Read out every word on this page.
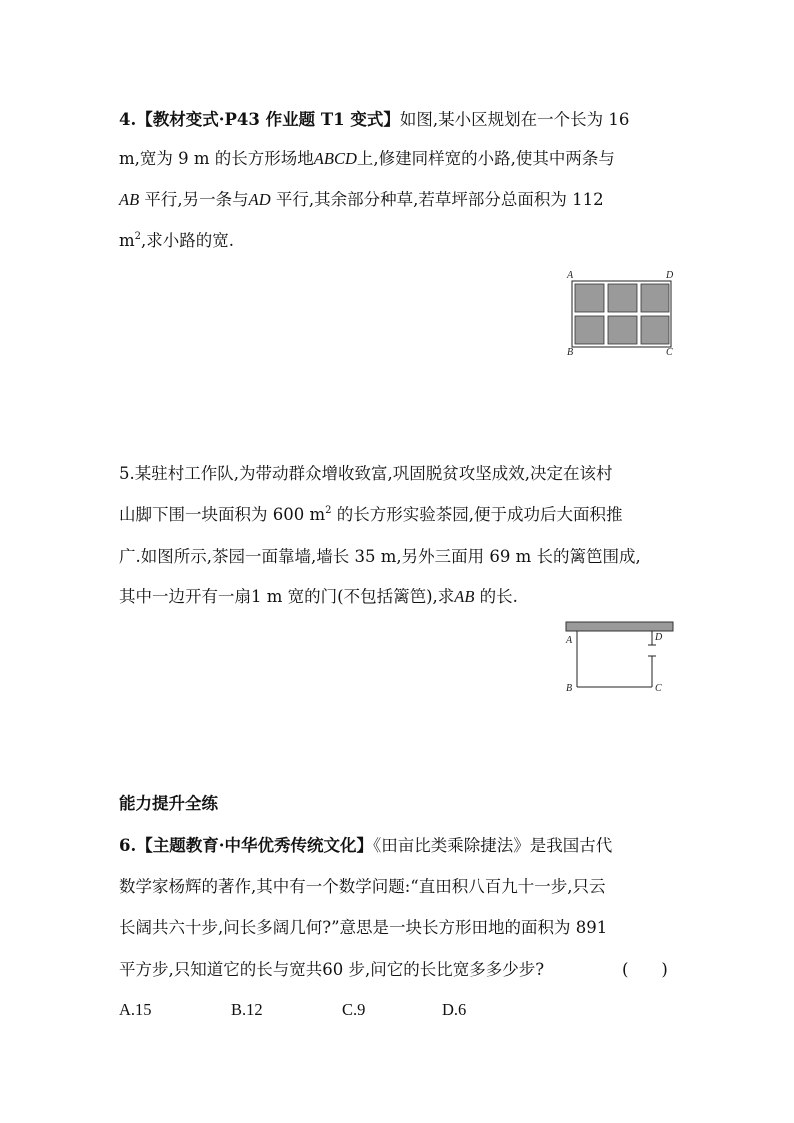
4.【教材变式·P43 作业题 T1 变式】如图,某小区规划在一个长为 16
m,宽为 9 m 的长方形场地ABCD上,修建同样宽的小路,使其中两条与
AB 平行,另一条与AD 平行,其余部分种草,若草坪部分总面积为 112
$m^2$,求小路的宽.
A	D
B	C
5.某驻村工作队,为带动群众增收致富,巩固脱贫攻坚成效,决定在该村
山脚下围一块面积为 600 $m^2$ 的长方形实验茶园,便于成功后大面积推
广.如图所示,茶园一面靠墙,墙长 35 m,另外三面用 69 m 长的篱笆围成,
其中一边开有一扇1 m 宽的门(不包括篱笆),求AB 的长.
A	D
B	C
能力提升全练
6.【主题教育·中华优秀传统文化】《田亩比类乘除捷法》是我国古代
数学家杨辉的著作,其中有一个数学问题:“直田积八百九十一步,只云
长阔共六十步,问长多阔几何?”意思是一块长方形田地的面积为 891
平方步,只知道它的长与宽共60 步,问它的长比宽多多少步?	(　　)
A.15	B.12	C.9	D.6
